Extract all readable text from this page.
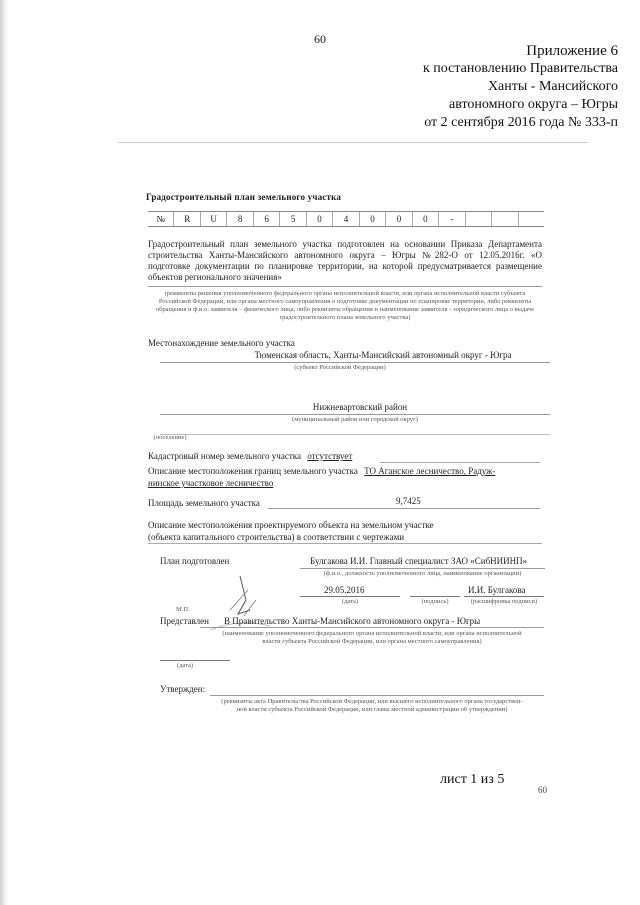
60
Приложение 6
к постановлению Правительства
Ханты - Мансийского
автономного округа – Югры
от 2 сентября 2016 года № 333-п
Градостроительный план земельного участка
№	R	U	8	6	5	0	4	0	0	0	-
Градостроительный план земельного участка подготовлен на основании Приказа Департамента строительства Ханты-Мансийского автономного округа – Югры №282-О от 12.05.2016г. «О подготовке документации по планировке территории, на которой предусматривается размещение объектов регионального значения»
(реквизиты решения уполномоченного федерального органа исполнительной власти, или органа исполнительной власти субъекта Российской Федерации, или органа местного самоуправления о подготовке документации по планировке территории, либо реквизиты обращения и ф.и.о. заявителя – физического лица, либо реквизиты обращения и наименование заявителя – юридического лица о выдаче градостроительного плана земельного участка)
Местонахождение земельного участка
Тюменская область, Ханты-Мансийский автономный округ - Югра
(субъект Российской Федерации)
Нижневартовский район
(муниципальный район или городской округ)
(поселение)
Кадастровый номер земельного участка отсутствует
Описание местоположения границ земельного участка ТО Аганское лесничество, Радуж-
нинское участковое лесничество
Площадь земельного участка	9,7425
Описание местоположения проектируемого объекта на земельном участке
(объекта капитального строительства) в соответствии с чертежами
План подготовлен	Булгакова И.И. Главный специалист ЗАО «СибНИИНП»
(ф.и.о., должность уполномоченного лица, наименование организации)
М.П.
29.05.2016
(дата)	(подпись)
И.И. Булгакова
(расшифровка подписи)
Представлен В Правительство Ханты-Мансийского автономного округа - Югры
(наименование уполномоченного федерального органа исполнительной власти, или органа исполнительной
власти субъекта Российской Федерации, или органа местного самоуправления)
(дата)
Утвержден:
(реквизиты акта Правительства Российской Федерации, или высшего исполнительного органа государствен-
ной власти субъекта Российской Федерации, или главы местной администрации об утверждении)
лист 1 из 5
60
